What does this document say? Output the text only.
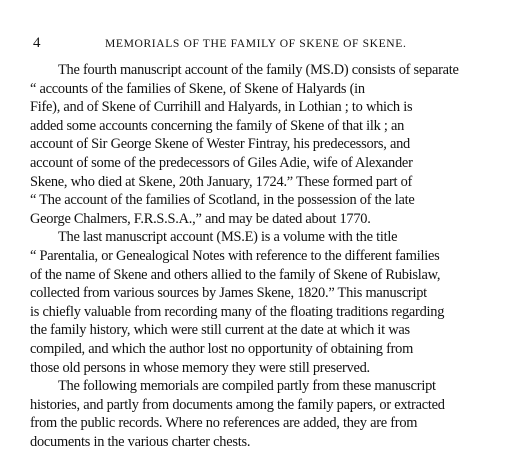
4	MEMORIALS OF THE FAMILY OF SKENE OF SKENE.
The fourth manuscript account of the family (MS.D) consists of separate
“ accounts of the families of Skene, of Skene of Halyards (in
Fife), and of Skene of Currihill and Halyards, in Lothian ; to which is
added some accounts concerning the family of Skene of that ilk ; an
account of Sir George Skene of Wester Fintray, his predecessors, and
account of some of the predecessors of Giles Adie, wife of Alexander
Skene, who died at Skene, 20th January, 1724.” These formed part of
“ The account of the families of Scotland, in the possession of the late
George Chalmers, F.R.S.S.A.,” and may be dated about 1770.
The last manuscript account (MS.E) is a volume with the title
“ Parentalia, or Genealogical Notes with reference to the different families
of the name of Skene and others allied to the family of Skene of Rubislaw,
collected from various sources by James Skene, 1820.” This manuscript
is chiefly valuable from recording many of the floating traditions regarding
the family history, which were still current at the date at which it was
compiled, and which the author lost no opportunity of obtaining from
those old persons in whose memory they were still preserved.
The following memorials are compiled partly from these manuscript
histories, and partly from documents among the family papers, or extracted
from the public records. Where no references are added, they are from
documents in the various charter chests.
